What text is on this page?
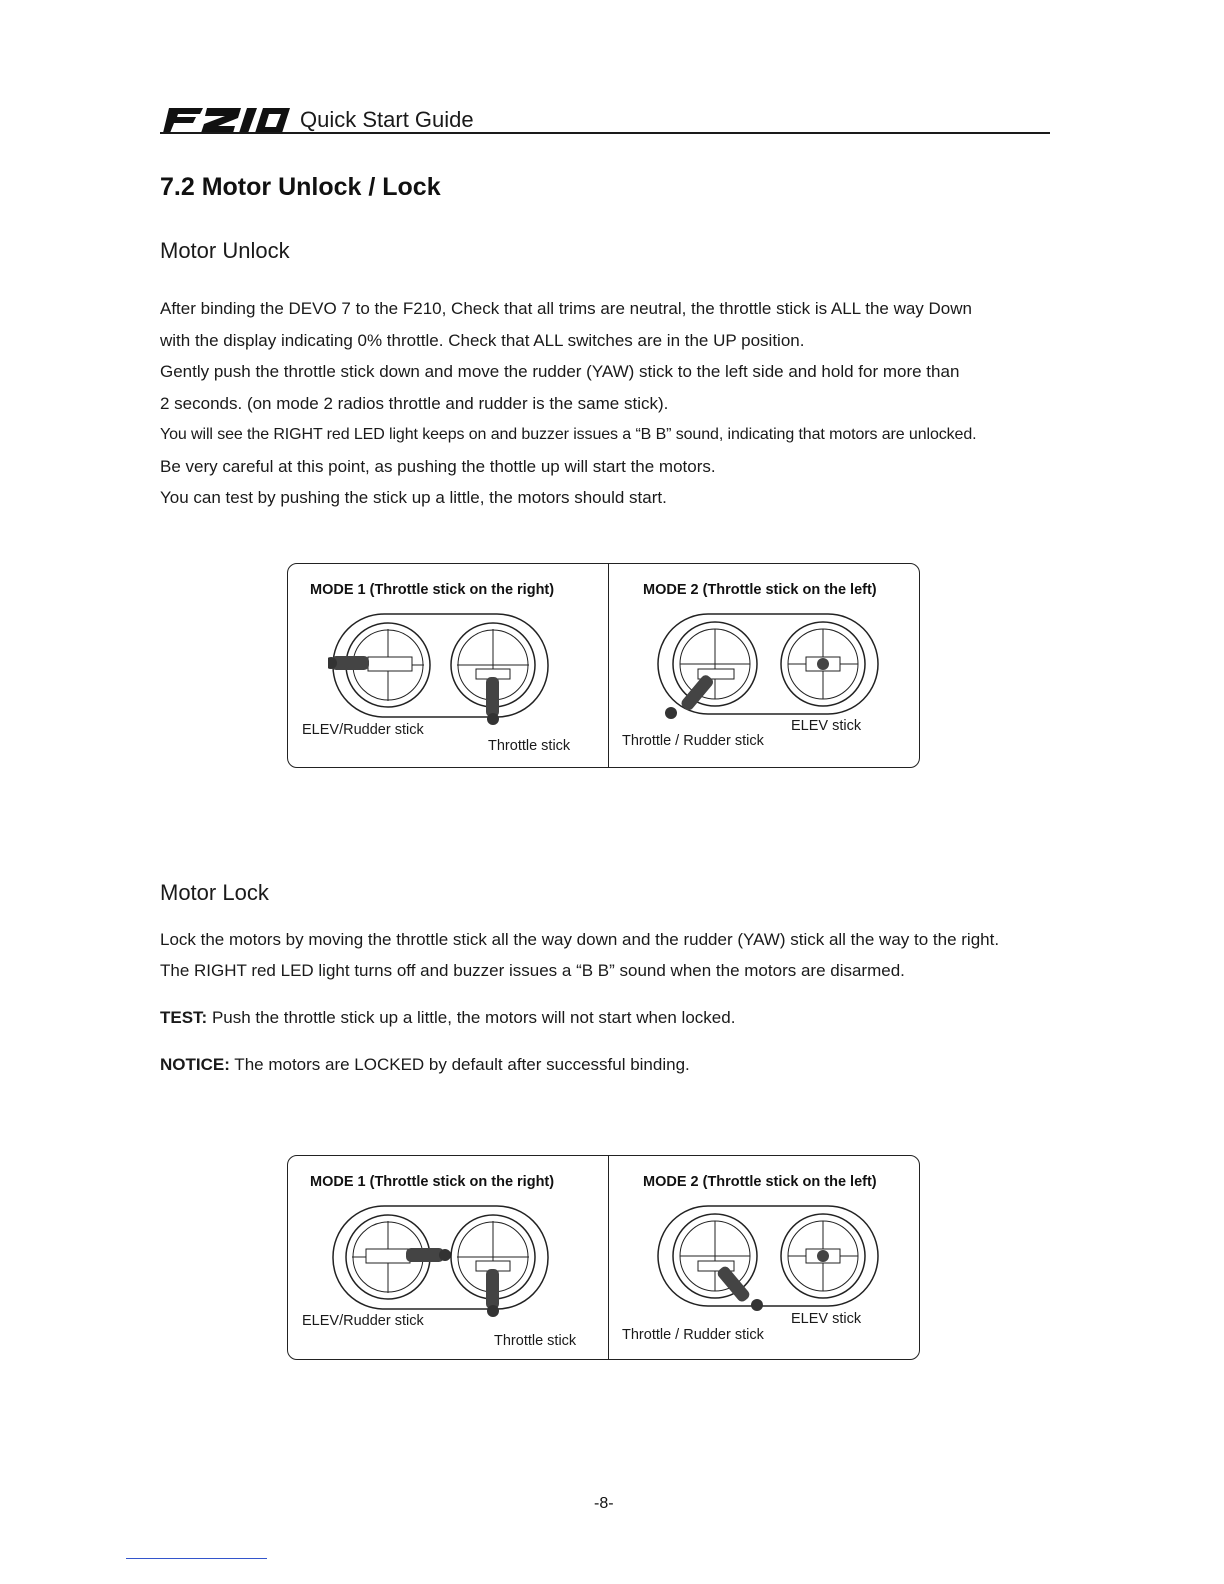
Quick Start Guide
7.2 Motor Unlock / Lock
Motor Unlock
After binding the DEVO 7 to the F210, Check that all trims are neutral, the throttle stick is ALL the way Down
with the display indicating 0% throttle. Check that ALL switches are in the UP position.
Gently push the throttle stick down and move the rudder (YAW) stick to the left side and hold for more than
2 seconds. (on mode 2 radios throttle and rudder is the same stick).
You will see the RIGHT red LED light keeps on and buzzer issues a “B B” sound, indicating that motors are unlocked.
Be very careful at this point, as pushing the thottle up will start the motors.
You can test by pushing the stick up a little, the motors should start.
MODE 1 (Throttle stick on the right)	MODE 2 (Throttle stick on the left)
ELEV/Rudder stick
Throttle stick	Throttle / Rudder stick
ELEV stick
Motor Lock
Lock the motors by moving the throttle stick all the way down and the rudder (YAW) stick all the way to the right.
The RIGHT red LED light turns off and buzzer issues a “B B” sound when the motors are disarmed.
TEST: Push the throttle stick up a little, the motors will not start when locked.
NOTICE: The motors are LOCKED by default after successful binding.
MODE 1 (Throttle stick on the right)	MODE 2 (Throttle stick on the left)
ELEV/Rudder stick
Throttle stick	Throttle / Rudder stick
ELEV stick
-8-
